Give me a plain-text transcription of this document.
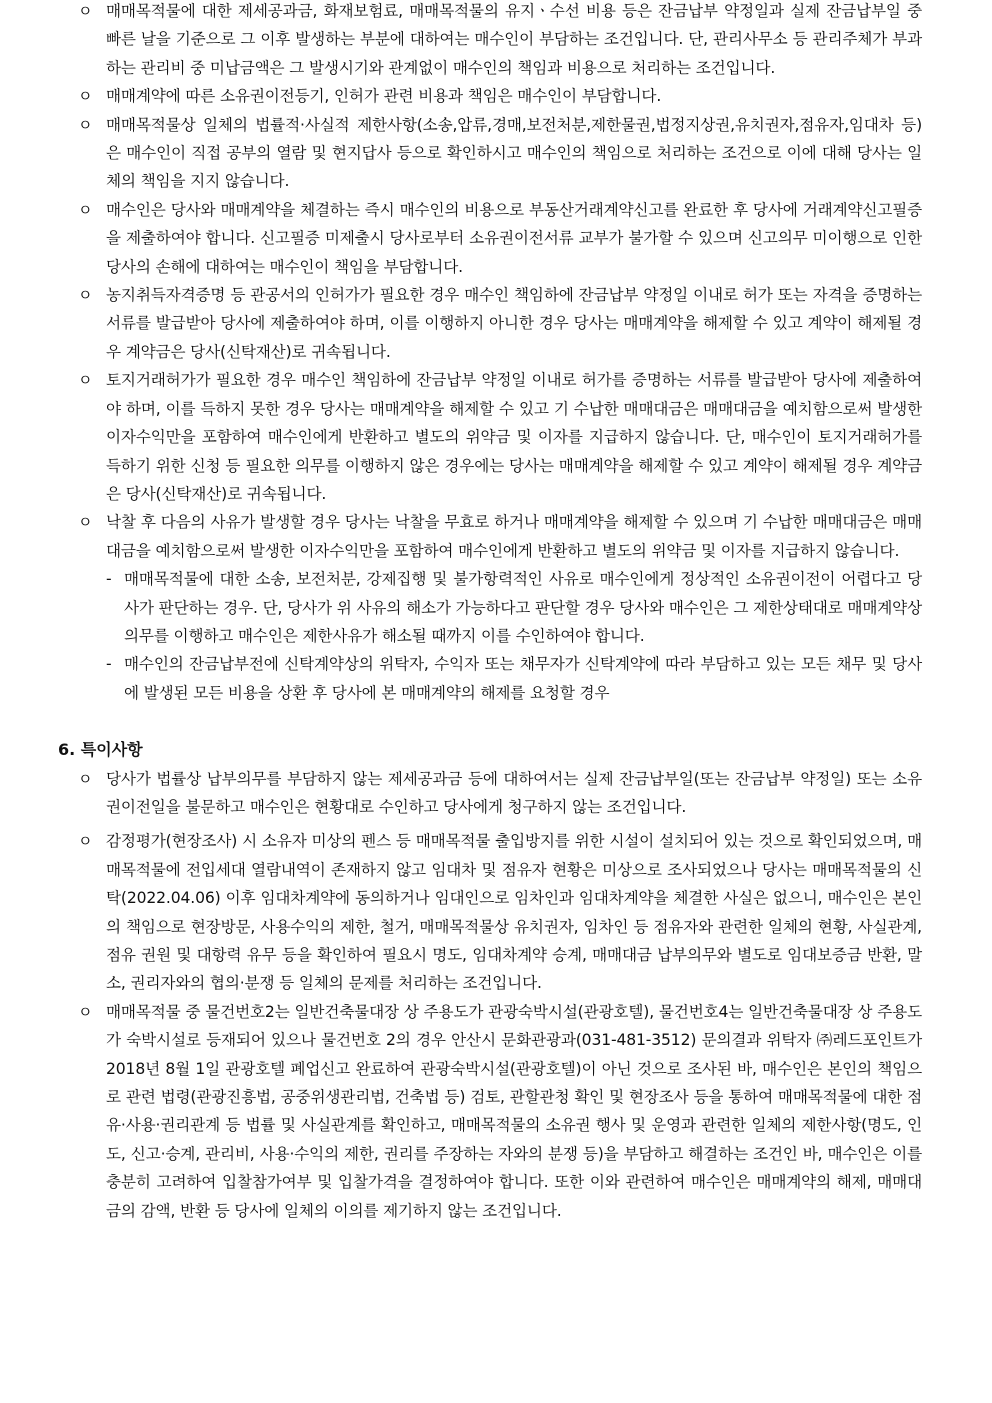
ㅇ 매매목적물에 대한 제세공과금, 화재보험료, 매매목적물의 유지ㆍ수선 비용 등은 잔금납부 약정일과 실제 잔금납부일 중 빠른 날을 기준으로 그 이후 발생하는 부분에 대하여는 매수인이 부담하는 조건입니다. 단, 관리사무소 등 관리주체가 부과하는 관리비 중 미납금액은 그 발생시기와 관계없이 매수인의 책임과 비용으로 처리하는 조건입니다.
ㅇ 매매계약에 따른 소유권이전등기, 인허가 관련 비용과 책임은 매수인이 부담합니다.
ㅇ 매매목적물상 일체의 법률적·사실적 제한사항(소송,압류,경매,보전처분,제한물권,법정지상권,유치권자,점유자,임대차 등)은 매수인이 직접 공부의 열람 및 현지답사 등으로 확인하시고 매수인의 책임으로 처리하는 조건으로 이에 대해 당사는 일체의 책임을 지지 않습니다.
ㅇ 매수인은 당사와 매매계약을 체결하는 즉시 매수인의 비용으로 부동산거래계약신고를 완료한 후 당사에 거래계약신고필증을 제출하여야 합니다. 신고필증 미제출시 당사로부터 소유권이전서류 교부가 불가할 수 있으며 신고의무 미이행으로 인한 당사의 손해에 대하여는 매수인이 책임을 부담합니다.
ㅇ 농지취득자격증명 등 관공서의 인허가가 필요한 경우 매수인 책임하에 잔금납부 약정일 이내로 허가 또는 자격을 증명하는 서류를 발급받아 당사에 제출하여야 하며, 이를 이행하지 아니한 경우 당사는 매매계약을 해제할 수 있고 계약이 해제될 경우 계약금은 당사(신탁재산)로 귀속됩니다.
ㅇ 토지거래허가가 필요한 경우 매수인 책임하에 잔금납부 약정일 이내로 허가를 증명하는 서류를 발급받아 당사에 제출하여야 하며, 이를 득하지 못한 경우 당사는 매매계약을 해제할 수 있고 기 수납한 매매대금은 매매대금을 예치함으로써 발생한 이자수익만을 포함하여 매수인에게 반환하고 별도의 위약금 및 이자를 지급하지 않습니다. 단, 매수인이 토지거래허가를 득하기 위한 신청 등 필요한 의무를 이행하지 않은 경우에는 당사는 매매계약을 해제할 수 있고 계약이 해제될 경우 계약금은 당사(신탁재산)로 귀속됩니다.
ㅇ 낙찰 후 다음의 사유가 발생할 경우 당사는 낙찰을 무효로 하거나 매매계약을 해제할 수 있으며 기 수납한 매매대금은 매매대금을 예치함으로써 발생한 이자수익만을 포함하여 매수인에게 반환하고 별도의 위약금 및 이자를 지급하지 않습니다.
- 매매목적물에 대한 소송, 보전처분, 강제집행 및 불가항력적인 사유로 매수인에게 정상적인 소유권이전이 어렵다고 당사가 판단하는 경우. 단, 당사가 위 사유의 해소가 가능하다고 판단할 경우 당사와 매수인은 그 제한상태대로 매매계약상 의무를 이행하고 매수인은 제한사유가 해소될 때까지 이를 수인하여야 합니다.
- 매수인의 잔금납부전에 신탁계약상의 위탁자, 수익자 또는 채무자가 신탁계약에 따라 부담하고 있는 모든 채무 및 당사에 발생된 모든 비용을 상환 후 당사에 본 매매계약의 해제를 요청할 경우
6. 특이사항
ㅇ 당사가 법률상 납부의무를 부담하지 않는 제세공과금 등에 대하여서는 실제 잔금납부일(또는 잔금납부 약정일) 또는 소유권이전일을 불문하고 매수인은 현황대로 수인하고 당사에게 청구하지 않는 조건입니다.
ㅇ 감정평가(현장조사) 시 소유자 미상의 펜스 등 매매목적물 출입방지를 위한 시설이 설치되어 있는 것으로 확인되었으며, 매매목적물에 전입세대 열람내역이 존재하지 않고 임대차 및 점유자 현황은 미상으로 조사되었으나 당사는 매매목적물의 신탁(2022.04.06) 이후 임대차계약에 동의하거나 임대인으로 임차인과 임대차계약을 체결한 사실은 없으니, 매수인은 본인의 책임으로 현장방문, 사용수익의 제한, 철거, 매매목적물상 유치권자, 임차인 등 점유자와 관련한 일체의 현황, 사실관계, 점유 권원 및 대항력 유무 등을 확인하여 필요시 명도, 임대차계약 승계, 매매대금 납부의무와 별도로 임대보증금 반환, 말소, 권리자와의 협의·분쟁 등 일체의 문제를 처리하는 조건입니다.
ㅇ 매매목적물 중 물건번호2는 일반건축물대장 상 주용도가 관광숙박시설(관광호텔), 물건번호4는 일반건축물대장 상 주용도가 숙박시설로 등재되어 있으나 물건번호 2의 경우 안산시 문화관광과(031-481-3512) 문의결과 위탁자 ㈜레드포인트가 2018년 8월 1일 관광호텔 폐업신고 완료하여 관광숙박시설(관광호텔)이 아닌 것으로 조사된 바, 매수인은 본인의 책임으로 관련 법령(관광진흥법, 공중위생관리법, 건축법 등) 검토, 관할관청 확인 및 현장조사 등을 통하여 매매목적물에 대한 점유·사용·권리관계 등 법률 및 사실관계를 확인하고, 매매목적물의 소유권 행사 및 운영과 관련한 일체의 제한사항(명도, 인도, 신고·승계, 관리비, 사용·수익의 제한, 권리를 주장하는 자와의 분쟁 등)을 부담하고 해결하는 조건인 바, 매수인은 이를 충분히 고려하여 입찰참가여부 및 입찰가격을 결정하여야 합니다. 또한 이와 관련하여 매수인은 매매계약의 해제, 매매대금의 감액, 반환 등 당사에 일체의 이의를 제기하지 않는 조건입니다.
